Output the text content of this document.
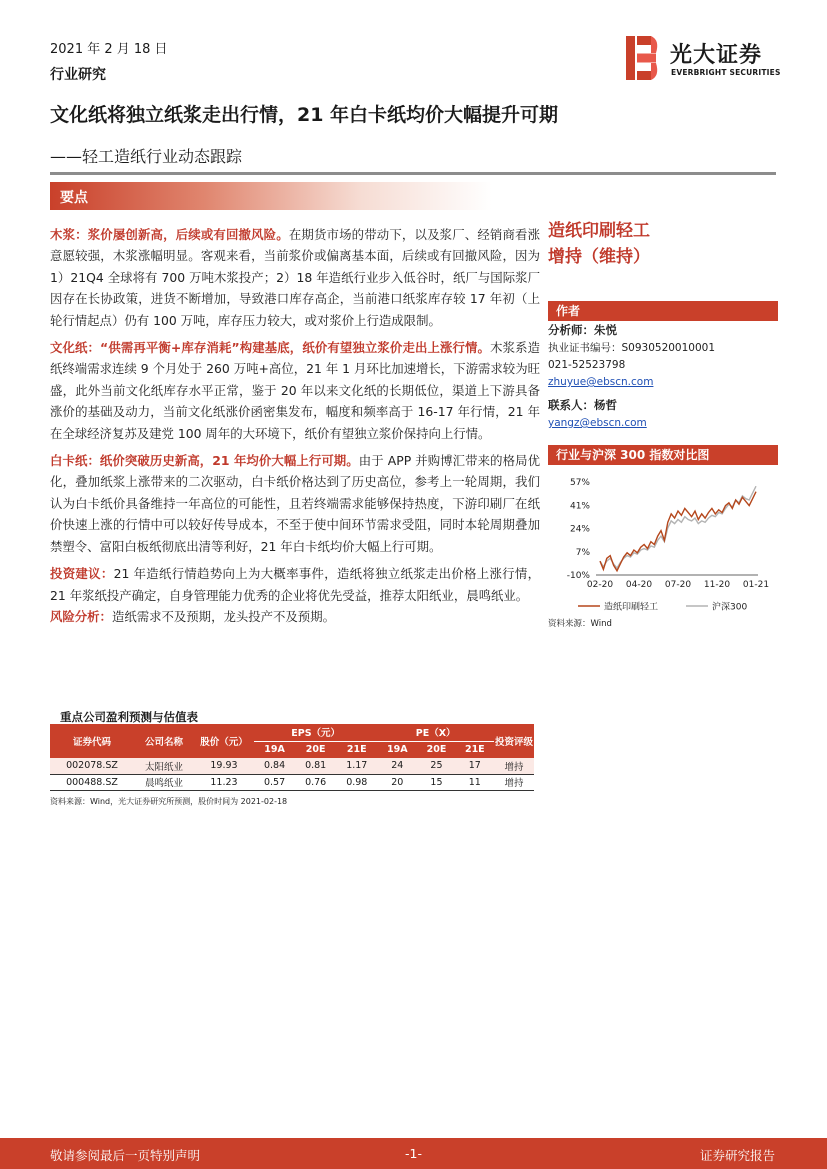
2021 年 2 月 18 日
行业研究
光大证券
EVERBRIGHT SECURITIES
文化纸将独立纸浆走出行情，21 年白卡纸均价大幅提升可期
——轻工造纸行业动态跟踪
要点

木浆：浆价屡创新高，后续或有回撤风险。在期货市场的带动下，以及浆厂、经销商看涨意愿较强，木浆涨幅明显。客观来看，当前浆价或偏离基本面，后续或有回撤风险，因为 1）21Q4 全球将有 700 万吨木浆投产；2）18 年造纸行业步入低谷时，纸厂与国际浆厂因存在长协政策，进货不断增加，导致港口库存高企，当前港口纸浆库存较 17 年初（上轮行情起点）仍有 100 万吨，库存压力较大，或对浆价上行造成限制。

文化纸：“供需再平衡+库存消耗”构建基底，纸价有望独立浆价走出上涨行情。木浆系造纸终端需求连续 9 个月处于 260 万吨+高位，21 年 1 月环比加速增长，下游需求较为旺盛，此外当前文化纸库存水平正常，鉴于 20 年以来文化纸的长期低位，渠道上下游具备涨价的基础及动力，当前文化纸涨价函密集发布，幅度和频率高于 16-17 年行情，21 年在全球经济复苏及建党 100 周年的大环境下，纸价有望独立浆价保持向上行情。

白卡纸：纸价突破历史新高，21 年均价大幅上行可期。由于 APP 并购博汇带来的格局优化，叠加纸浆上涨带来的二次驱动，白卡纸价格达到了历史高位，参考上一轮周期，我们认为白卡纸价具备维持一年高位的可能性，且若终端需求能够保持热度，下游印刷厂在纸价快速上涨的行情中可以较好传导成本，不至于使中间环节需求受阻，同时本轮周期叠加禁塑令、富阳白板纸彻底出清等利好，21 年白卡纸均价大幅上行可期。

投资建议：21 年造纸行情趋势向上为大概率事件，造纸将独立纸浆走出价格上涨行情，21 年浆纸投产确定，自身管理能力优秀的企业将优先受益，推荐太阳纸业，晨鸣纸业。

风险分析：造纸需求不及预期，龙头投产不及预期。

造纸印刷轻工
增持（维持）
作者
分析师：朱悦
执业证书编号：S0930520010001
021-52523798
zhuyue@ebscn.com
联系人：杨哲
yangz@ebscn.com
行业与沪深 300 指数对比图
57%
41%
24%
7%
-10%
02-20 04-20 07-20 11-20 01-21
造纸印刷轻工	沪深300
资料来源：Wind
重点公司盈利预测与估值表
证券代码	公司名称	股价（元）	EPS（元）			PE（X）			投资评级
			19A	20E	21E	19A	20E	21E	
002078.SZ	太阳纸业	19.93	0.84	0.81	1.17	24	25	17	增持
000488.SZ	晨鸣纸业	11.23	0.57	0.76	0.98	20	15	11	增持
资料来源：Wind，光大证券研究所预测，股价时间为 2021-02-18
敬请参阅最后一页特别声明	-1-	证券研究报告
